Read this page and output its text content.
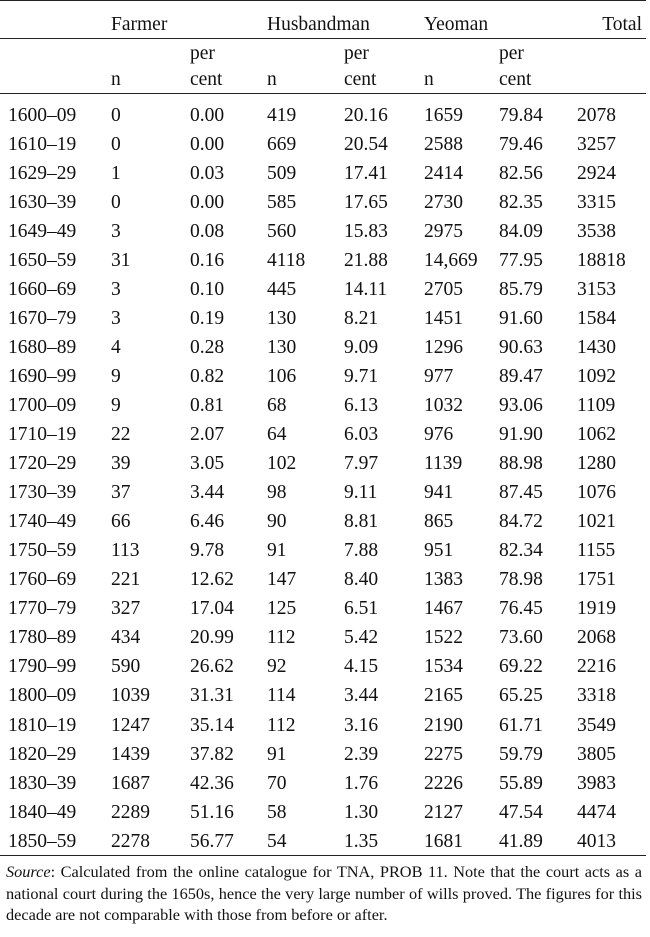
	Farmer		Husbandman		Yeoman		Total
		per		per		per	
	n	cent	n	cent	n	cent	
1600–09	0	0.00	419	20.16	1659	79.84	2078
1610–19	0	0.00	669	20.54	2588	79.46	3257
1629–29	1	0.03	509	17.41	2414	82.56	2924
1630–39	0	0.00	585	17.65	2730	82.35	3315
1649–49	3	0.08	560	15.83	2975	84.09	3538
1650–59	31	0.16	4118	21.88	14,669	77.95	18818
1660–69	3	0.10	445	14.11	2705	85.79	3153
1670–79	3	0.19	130	8.21	1451	91.60	1584
1680–89	4	0.28	130	9.09	1296	90.63	1430
1690–99	9	0.82	106	9.71	977	89.47	1092
1700–09	9	0.81	68	6.13	1032	93.06	1109
1710–19	22	2.07	64	6.03	976	91.90	1062
1720–29	39	3.05	102	7.97	1139	88.98	1280
1730–39	37	3.44	98	9.11	941	87.45	1076
1740–49	66	6.46	90	8.81	865	84.72	1021
1750–59	113	9.78	91	7.88	951	82.34	1155
1760–69	221	12.62	147	8.40	1383	78.98	1751
1770–79	327	17.04	125	6.51	1467	76.45	1919
1780–89	434	20.99	112	5.42	1522	73.60	2068
1790–99	590	26.62	92	4.15	1534	69.22	2216
1800–09	1039	31.31	114	3.44	2165	65.25	3318
1810–19	1247	35.14	112	3.16	2190	61.71	3549
1820–29	1439	37.82	91	2.39	2275	59.79	3805
1830–39	1687	42.36	70	1.76	2226	55.89	3983
1840–49	2289	51.16	58	1.30	2127	47.54	4474
1850–59	2278	56.77	54	1.35	1681	41.89	4013

Source: Calculated from the online catalogue for TNA, PROB 11. Note that the court acts as a national court during the 1650s, hence the very large number of wills proved. The figures for this decade are not comparable with those from before or after.
